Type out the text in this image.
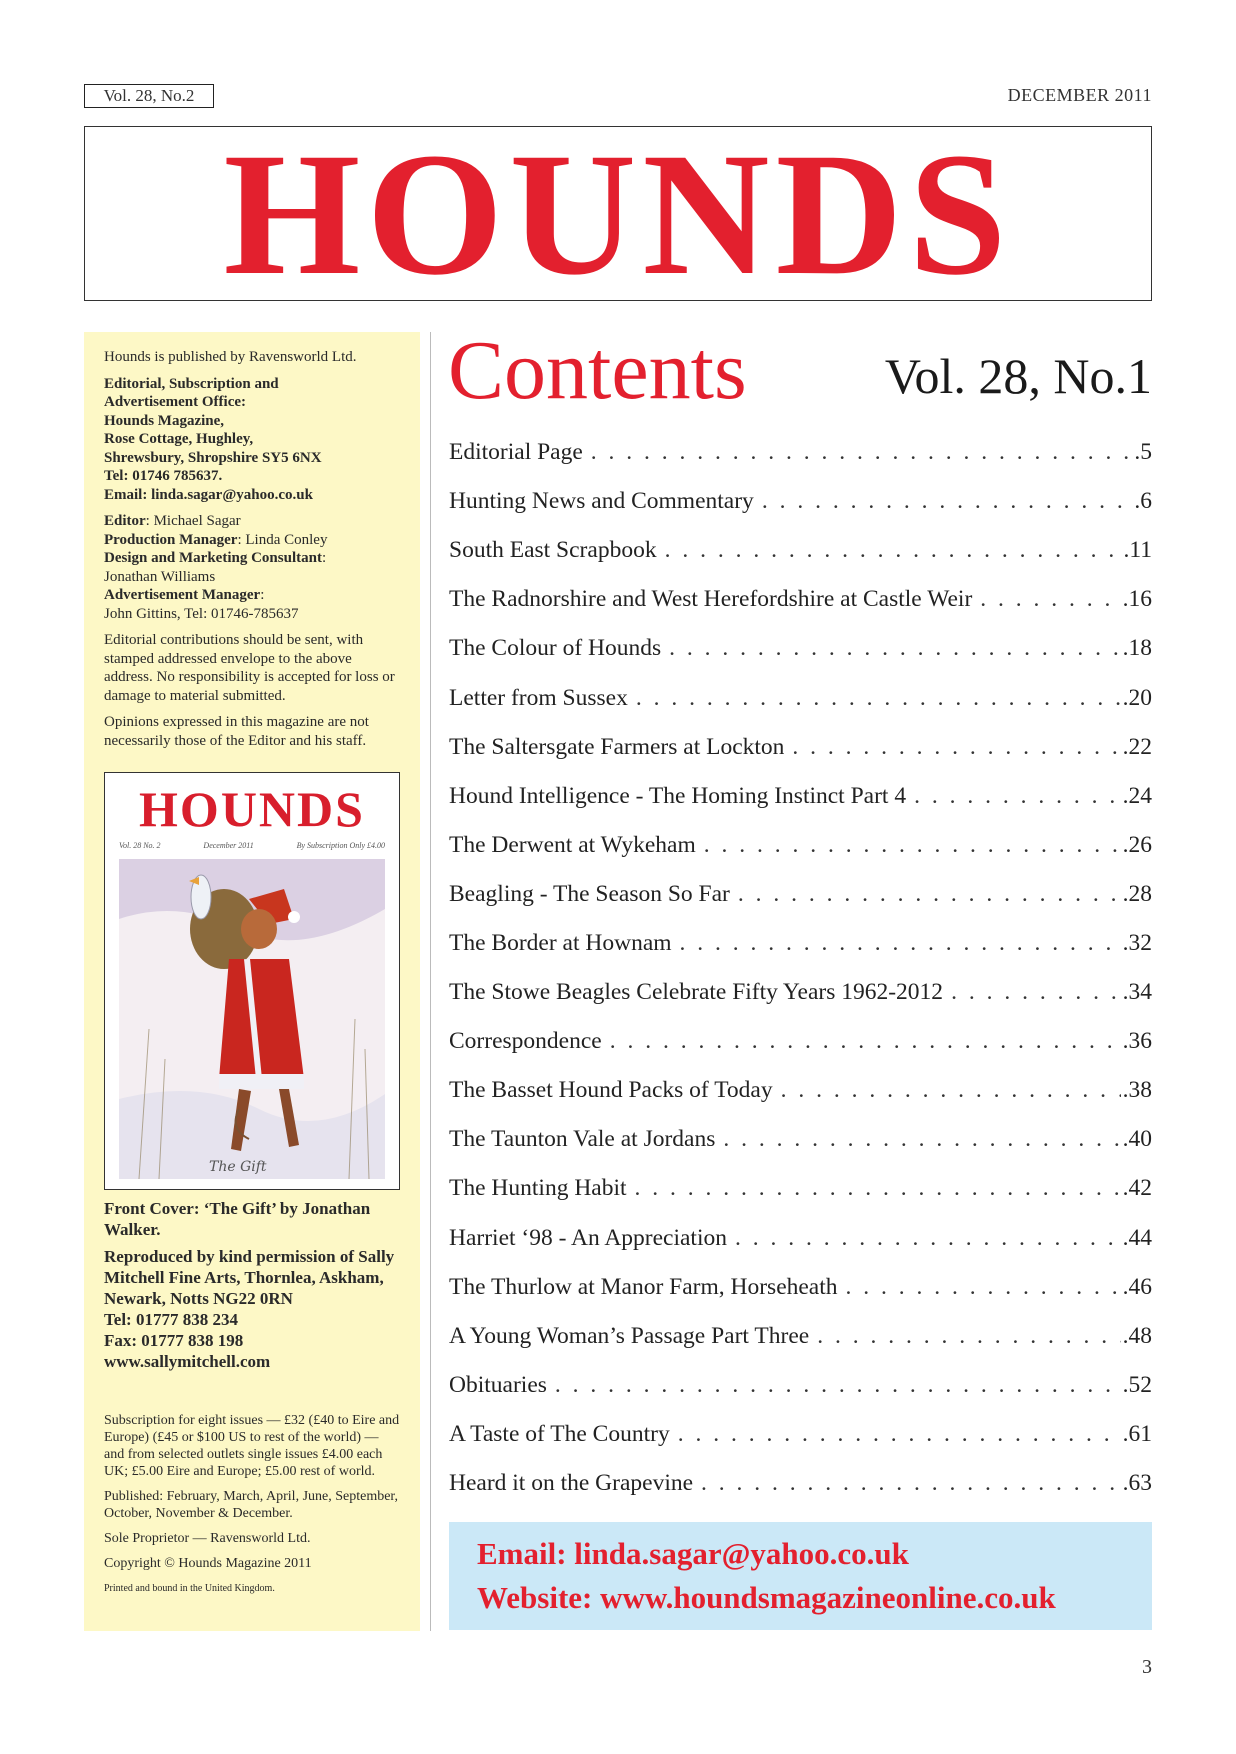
Vol. 28, No.2	DECEMBER 2011
HOUNDS

Hounds is published by Ravensworld Ltd.

Editorial, Subscription and
Advertisement Office:
Hounds Magazine,
Rose Cottage, Hughley,
Shrewsbury, Shropshire SY5 6NX
Tel: 01746 785637.
Email: linda.sagar@yahoo.co.uk

Editor: Michael Sagar
Production Manager: Linda Conley
Design and Marketing Consultant:
Jonathan Williams
Advertisement Manager:
John Gittins, Tel: 01746-785637

Editorial contributions should be sent, with stamped addressed envelope to the above address. No responsibility is accepted for loss or damage to material submitted.

Opinions expressed in this magazine are not necessarily those of the Editor and his staff.

HOUNDS
Vol. 28 No. 2	December 2011	By Subscription Only £4.00
The Gift

Front Cover: ‘The Gift’ by Jonathan Walker.

Reproduced by kind permission of Sally Mitchell Fine Arts, Thornlea, Askham, Newark, Notts NG22 0RN

Tel: 01777 838 234
Fax: 01777 838 198
www.sallymitchell.com

Subscription for eight issues — £32 (£40 to Eire and Europe) (£45 or $100 US to rest of the world) — and from selected outlets single issues £4.00 each UK; £5.00 Eire and Europe; £5.00 rest of world.

Published: February, March, April, June, September, October, November & December.

Sole Proprietor — Ravensworld Ltd.

Copyright © Hounds Magazine 2011

Printed and bound in the United Kingdom.

Contents	Vol. 28, No.1
Editorial Page . . .	.5
Hunting News and Commentary . . .	.6
South East Scrapbook . . .	.11
The Radnorshire and West Herefordshire at Castle Weir . . .	.16
The Colour of Hounds . . .	.18
Letter from Sussex . . .	.20
The Saltersgate Farmers at Lockton . . .	.22
Hound Intelligence - The Homing Instinct Part 4 . . .	.24
The Derwent at Wykeham . . .	.26
Beagling - The Season So Far . . .	.28
The Border at Hownam . . .	.32
The Stowe Beagles Celebrate Fifty Years 1962-2012 . . .	.34
Correspondence . . .	.36
The Basset Hound Packs of Today . . .	.38
The Taunton Vale at Jordans . . .	.40
The Hunting Habit . . .	.42
Harriet ‘98 - An Appreciation . . .	.44
The Thurlow at Manor Farm, Horseheath . . .	.46
A Young Woman’s Passage Part Three . . .	.48
Obituaries . . .	.52
A Taste of The Country . . .	.61
Heard it on the Grapevine . . .	.63
Email: linda.sagar@yahoo.co.uk
Website: www.houndsmagazineonline.co.uk
3
